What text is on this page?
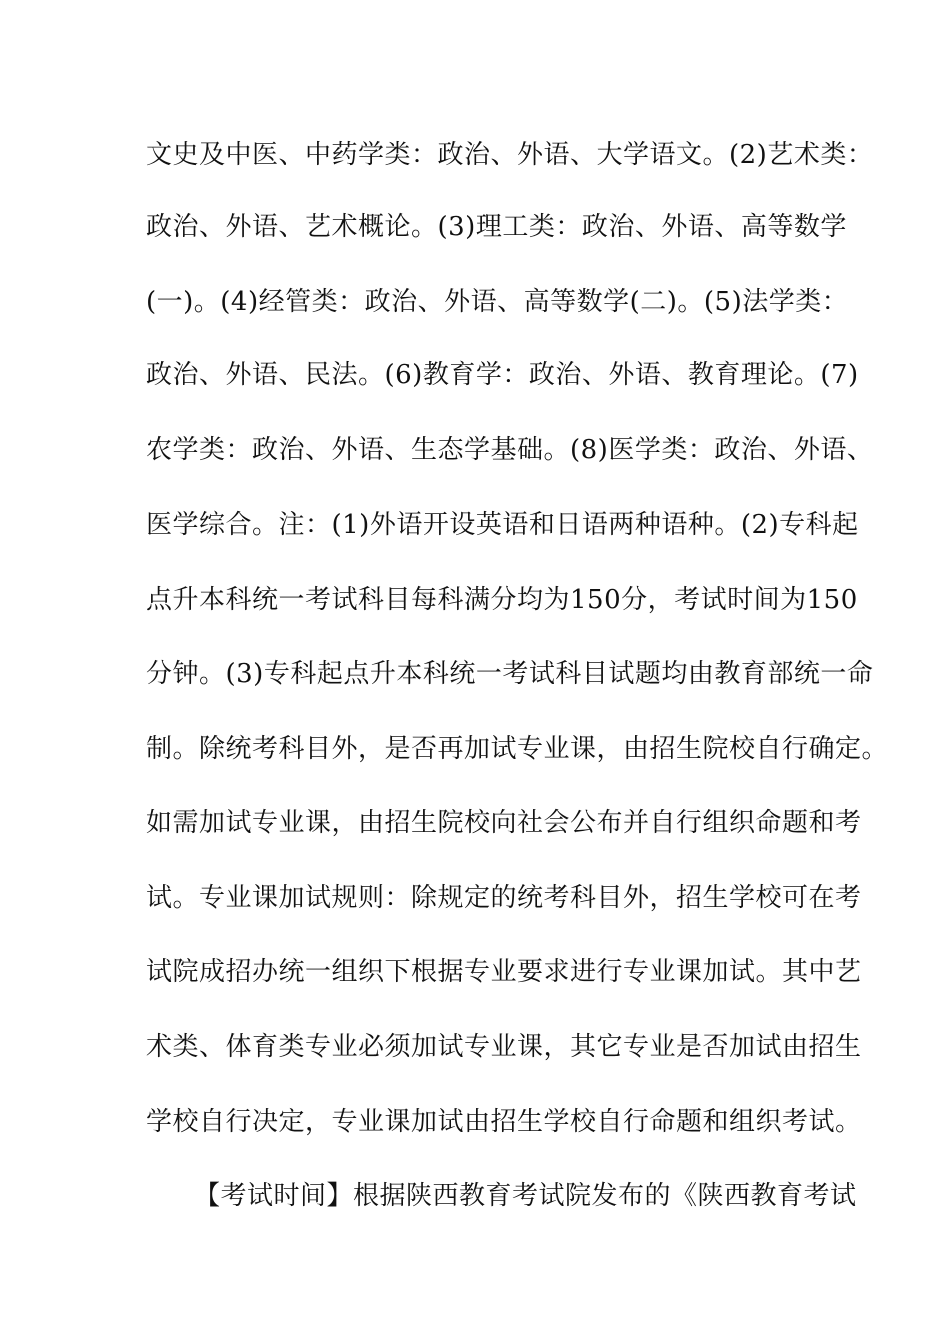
文史及中医、中药学类：政治、外语、大学语文。(2)艺术类：
政治、外语、艺术概论。(3)理工类：政治、外语、高等数学
(一)。(4)经管类：政治、外语、高等数学(二)。(5)法学类：
政治、外语、民法。(6)教育学：政治、外语、教育理论。(7)
农学类：政治、外语、生态学基础。(8)医学类：政治、外语、
医学综合。注：(1)外语开设英语和日语两种语种。(2)专科起
点升本科统一考试科目每科满分均为150分，考试时间为150
分钟。(3)专科起点升本科统一考试科目试题均由教育部统一命
制。除统考科目外，是否再加试专业课，由招生院校自行确定。
如需加试专业课，由招生院校向社会公布并自行组织命题和考
试。专业课加试规则：除规定的统考科目外，招生学校可在考
试院成招办统一组织下根据专业要求进行专业课加试。其中艺
术类、体育类专业必须加试专业课，其它专业是否加试由招生
学校自行决定，专业课加试由招生学校自行命题和组织考试。
【考试时间】根据陕西教育考试院发布的《陕西教育考试
